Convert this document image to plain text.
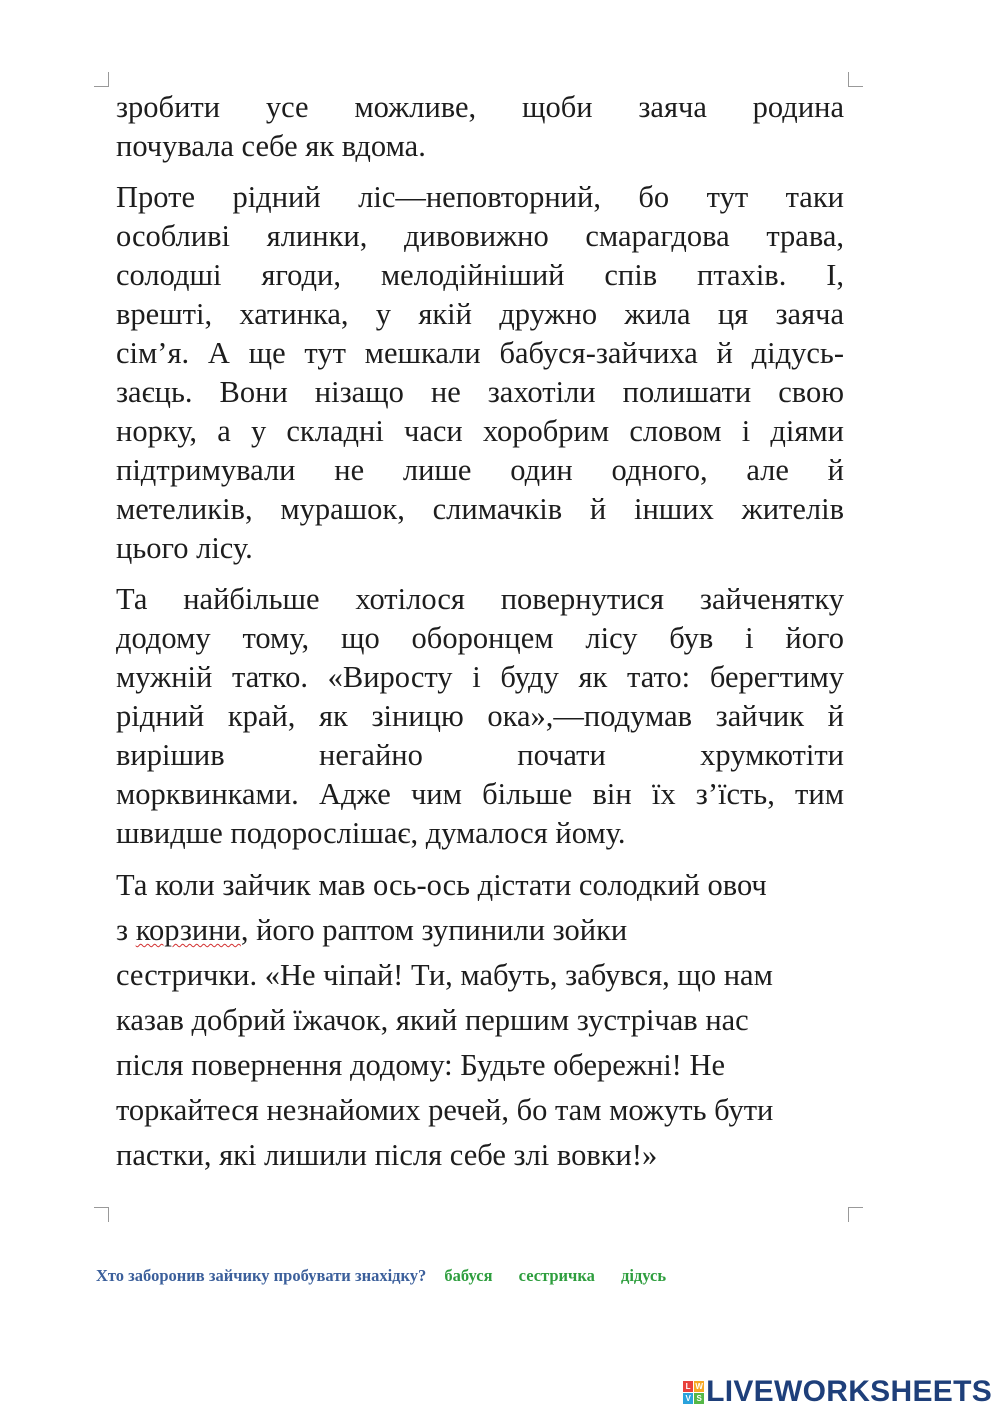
зробити усе можливе, щоби заяча родина
почувала себе як вдома.

Проте рідний ліс—неповторний, бо тут таки
особливі ялинки, дивовижно смарагдова трава,
солодші ягоди, мелодійніший спів птахів. І,
врешті, хатинка, у якій дружно жила ця заяча
сім’я. А ще тут мешкали бабуся-зайчиха й дідусь-
заєць. Вони нізащо не захотіли полишати свою
норку, а у складні часи хоробрим словом і діями
підтримували не лише один одного, але й
метеликів, мурашок, слимачків й інших жителів
цього лісу.

Та найбільше хотілося повернутися зайченятку
додому тому, що оборонцем лісу був і його
мужній татко. «Виросту і буду як тато: берегтиму
рідний край, як зіницю ока»,—подумав зайчик й
вирішив негайно почати хрумкотіти
морквинками. Адже чим більше він їх з’їсть, тим
швидше подорослішає, думалося йому.

Та коли зайчик мав ось-ось дістати солодкий овоч
з корзини, його раптом зупинили зойки
сестрички. «Не чіпай! Ти, мабуть, забувся, що нам
казав добрий їжачок, який першим зустрічав нас
після повернення додому: Будьте обережні! Не
торкайтеся незнайомих речей, бо там можуть бути
пастки, які лишили після себе злі вовки!»
Хто заборонив зайчику пробувати знахідку? бабуся сестричка дідусь
L W
V S LIVEWORKSHEETS
